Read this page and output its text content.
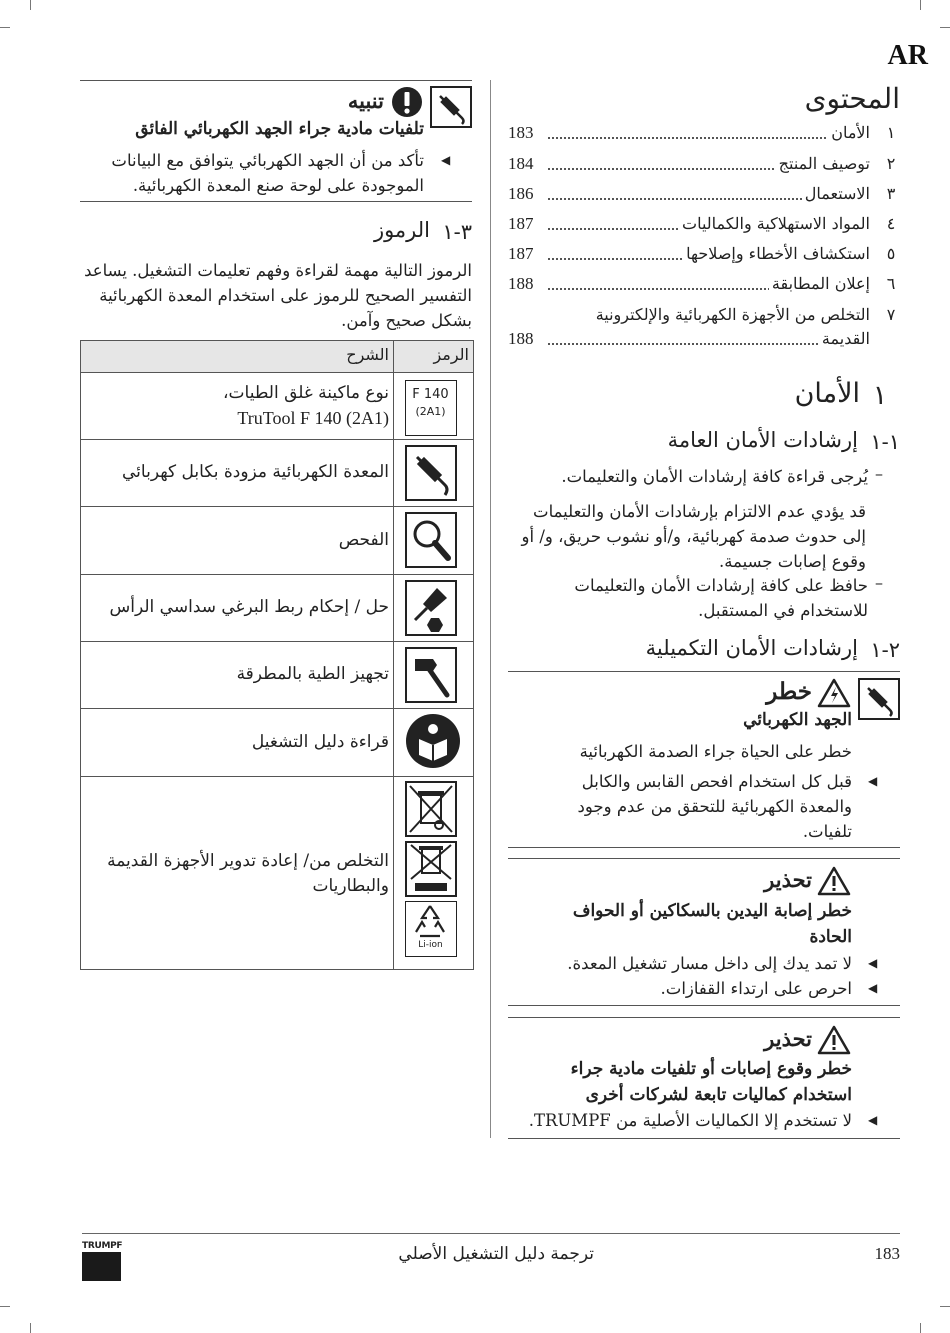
AR
المحتوى
١
الأمان
183
٢
توصيف المنتج
184
٣
الاستعمال
186
٤
المواد الاستهلاكية والكماليات
187
٥
استكشاف الأخطاء وإصلاحها
187
٦
إعلان المطابقة
188
٧
التخلص من الأجهزة الكهربائية والإلكترونية
القديمة
188
١
الأمان
١-١
إرشادات الأمان العامة
–
يُرجى قراءة كافة إرشادات الأمان والتعليمات.
قد يؤدي عدم الالتزام بإرشادات الأمان والتعليمات إلى حدوث صدمة كهربائية، و/أو نشوب حريق، و/ أو وقوع إصابات جسيمة.
–
حافظ على كافة إرشادات الأمان والتعليمات للاستخدام في المستقبل.
٢-١
إرشادات الأمان التكميلية
خطر
الجهد الكهربائي
خطر على الحياة جراء الصدمة الكهربائية
◀
قبل كل استخدام افحص القابس والكابل والمعدة الكهربائية للتحقق من عدم وجود تلفيات.
تحذير
خطر إصابة اليدين بالسكاكين أو الحواف الحادة
◀
لا تمد يدك إلى داخل مسار تشغيل المعدة.
◀
احرص على ارتداء القفازات.
تحذير
خطر وقوع إصابات أو تلفيات مادية جراء استخدام كماليات تابعة لشركات أخرى
◀
لا تستخدم إلا الكماليات الأصلية من TRUMPF.
تنبيه
تلفيات مادية جراء الجهد الكهربائي الفائق
◀
تأكد من أن الجهد الكهربائي يتوافق مع البيانات الموجودة على لوحة صنع المعدة الكهربائية.
٣-١
الرموز
الرموز التالية مهمة لقراءة وفهم تعليمات التشغيل. يساعد التفسير الصحيح للرموز على استخدام المعدة الكهربائية بشكل صحيح وآمن.
الرمز
الشرح
F 140
(2A1)
نوع ماكينة غلق الطيات،
TruTool F 140 (2A1)
المعدة الكهربائية مزودة بكابل كهربائي
الفحص
حل / إحكام ربط البرغي سداسي الرأس
تجهيز الطية بالمطرقة
قراءة دليل التشغيل
Li-ion
التخلص من/ إعادة تدوير الأجهزة القديمة والبطاريات
TRUMPF	ترجمة دليل التشغيل الأصلي	183
